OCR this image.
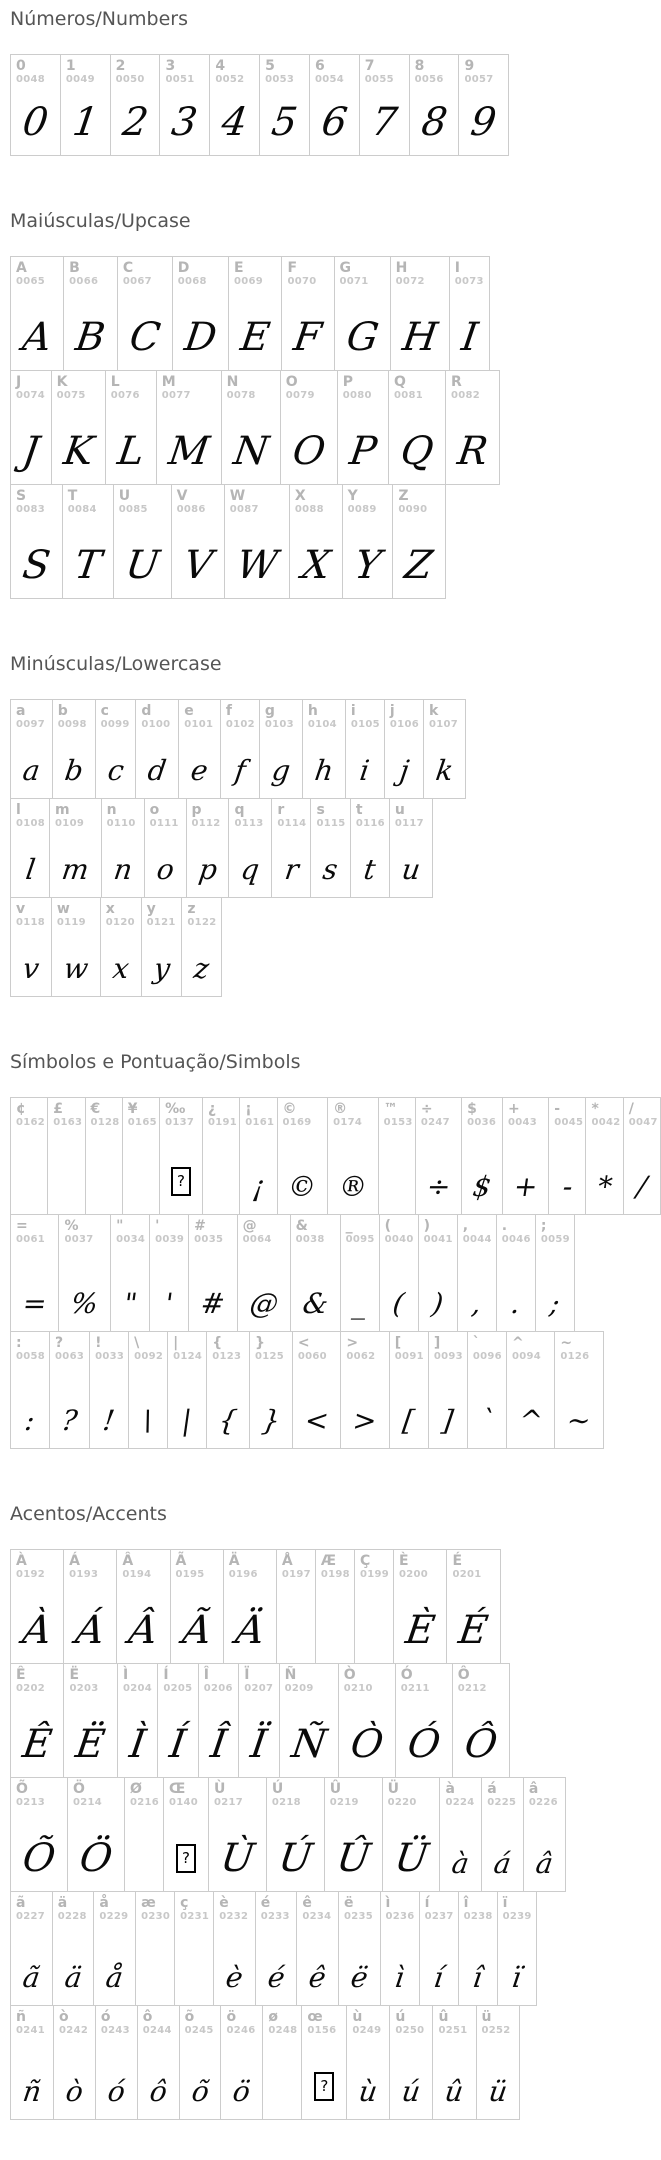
Números/Numbers
0
0048
0
1
0049
1
2
0050
2
3
0051
3
4
0052
4
5
0053
5
6
0054
6
7
0055
7
8
0056
8
9
0057
9
Maiúsculas/Upcase
A
0065
A
B
0066
B
C
0067
C
D
0068
D
E
0069
E
F
0070
F
G
0071
G
H
0072
H
I
0073
I
J
0074
J
K
0075
K
L
0076
L
M
0077
M
N
0078
N
O
0079
O
P
0080
P
Q
0081
Q
R
0082
R
S
0083
S
T
0084
T
U
0085
U
V
0086
V
W
0087
W
X
0088
X
Y
0089
Y
Z
0090
Z
Minúsculas/Lowercase
a
0097
a
b
0098
b
c
0099
c
d
0100
d
e
0101
e
f
0102
f
g
0103
g
h
0104
h
i
0105
i
j
0106
j
k
0107
k
l
0108
l
m
0109
m
n
0110
n
o
0111
o
p
0112
p
q
0113
q
r
0114
r
s
0115
s
t
0116
t
u
0117
u
v
0118
v
w
0119
w
x
0120
x
y
0121
y
z
0122
z
Símbolos e Pontuação/Simbols
¢
0162
£
0163
€
0128
¥
0165
‰
0137
?
¿
0191
¡
0161
¡
©
0169
©
®
0174
®
™
0153
÷
0247
÷
$
0036
$
+
0043
+
-
0045
-
*
0042
*
/
0047
/
=
0061
=
%
0037
%
"
0034
"
'
0039
'
#
0035
#
@
0064
@
&
0038
&
_
0095
_
(
0040
(
)
0041
)
,
0044
,
.
0046
.
;
0059
;
:
0058
:
?
0063
?
!
0033
!
\
0092
\
|
0124
|
{
0123
{
}
0125
}
<
0060
<
>
0062
>
[
0091
[
]
0093
]
`
0096
`
^
0094
^
~
0126
~
Acentos/Accents
À
0192
À
Á
0193
Á
Â
0194
Â
Ã
0195
Ã
Ä
0196
Ä
Å
0197
Æ
0198
Ç
0199
È
0200
È
É
0201
É
Ê
0202
Ê
Ë
0203
Ë
Ì
0204
Ì
Í
0205
Í
Î
0206
Î
Ï
0207
Ï
Ñ
0209
Ñ
Ò
0210
Ò
Ó
0211
Ó
Ô
0212
Ô
Õ
0213
Õ
Ö
0214
Ö
Ø
0216
Œ
0140
?
Ù
0217
Ù
Ú
0218
Ú
Û
0219
Û
Ü
0220
Ü
à
0224
à
á
0225
á
â
0226
â
ã
0227
ã
ä
0228
ä
å
0229
å
æ
0230
ç
0231
è
0232
è
é
0233
é
ê
0234
ê
ë
0235
ë
ì
0236
ì
í
0237
í
î
0238
î
ï
0239
ï
ñ
0241
ñ
ò
0242
ò
ó
0243
ó
ô
0244
ô
õ
0245
õ
ö
0246
ö
ø
0248
œ
0156
?
ù
0249
ù
ú
0250
ú
û
0251
û
ü
0252
ü
